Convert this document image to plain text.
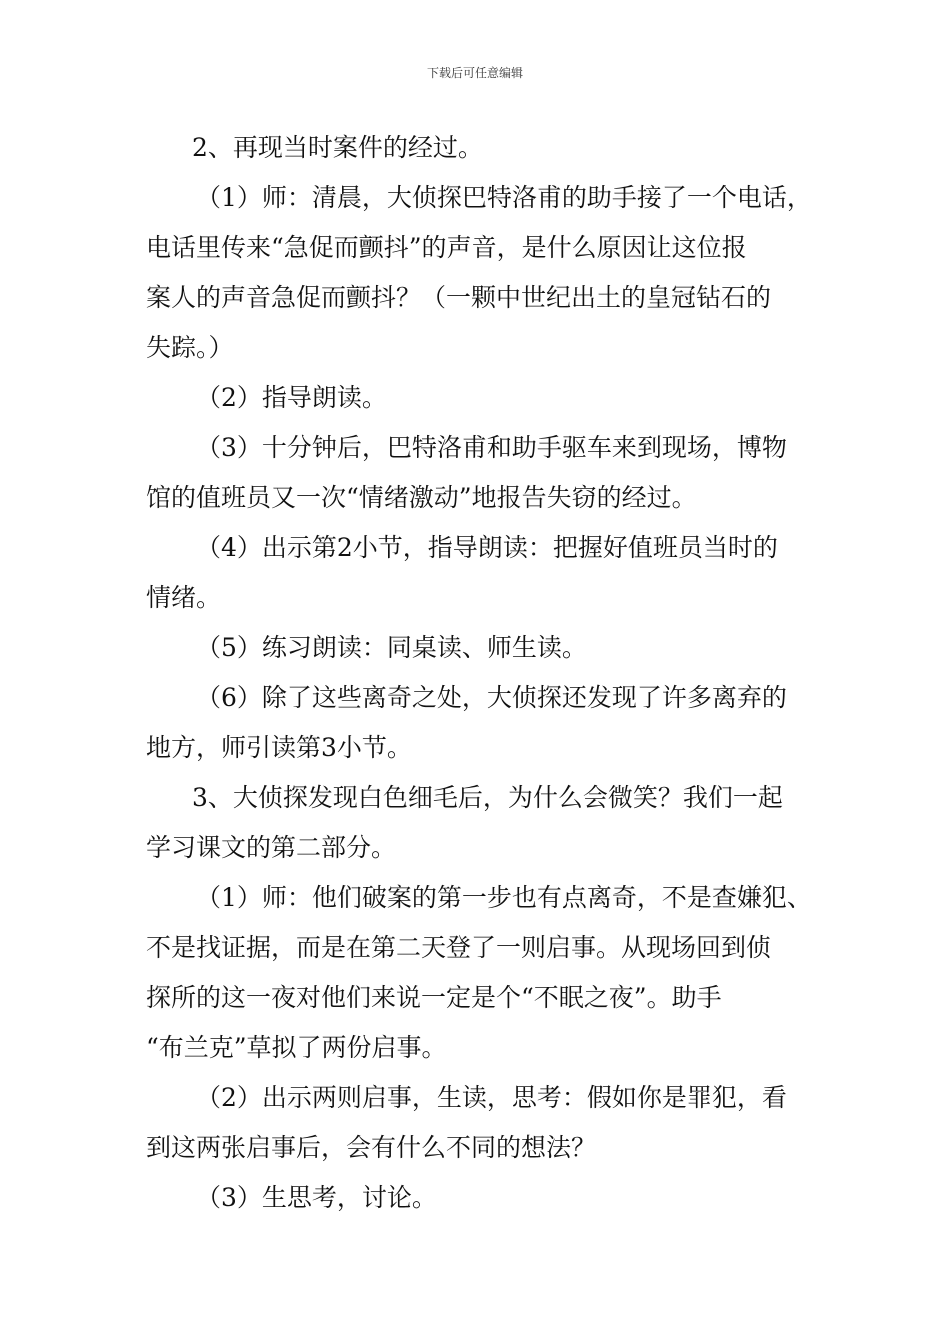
下载后可任意编辑
2、再现当时案件的经过。
（1）师：清晨，大侦探巴特洛甫的助手接了一个电话，
电话里传来“急促而颤抖”的声音，是什么原因让这位报
案人的声音急促而颤抖？（一颗中世纪出土的皇冠钻石的
失踪。）
（2）指导朗读。
（3）十分钟后，巴特洛甫和助手驱车来到现场，博物
馆的值班员又一次“情绪激动”地报告失窃的经过。
（4）出示第2小节，指导朗读：把握好值班员当时的
情绪。
（5）练习朗读：同桌读、师生读。
（6）除了这些离奇之处，大侦探还发现了许多离弃的
地方，师引读第3小节。
3、大侦探发现白色细毛后，为什么会微笑？我们一起
学习课文的第二部分。
（1）师：他们破案的第一步也有点离奇，不是查嫌犯、
不是找证据，而是在第二天登了一则启事。从现场回到侦
探所的这一夜对他们来说一定是个“不眠之夜”。助手
“布兰克”草拟了两份启事。
（2）出示两则启事，生读，思考：假如你是罪犯，看
到这两张启事后，会有什么不同的想法？
（3）生思考，讨论。
